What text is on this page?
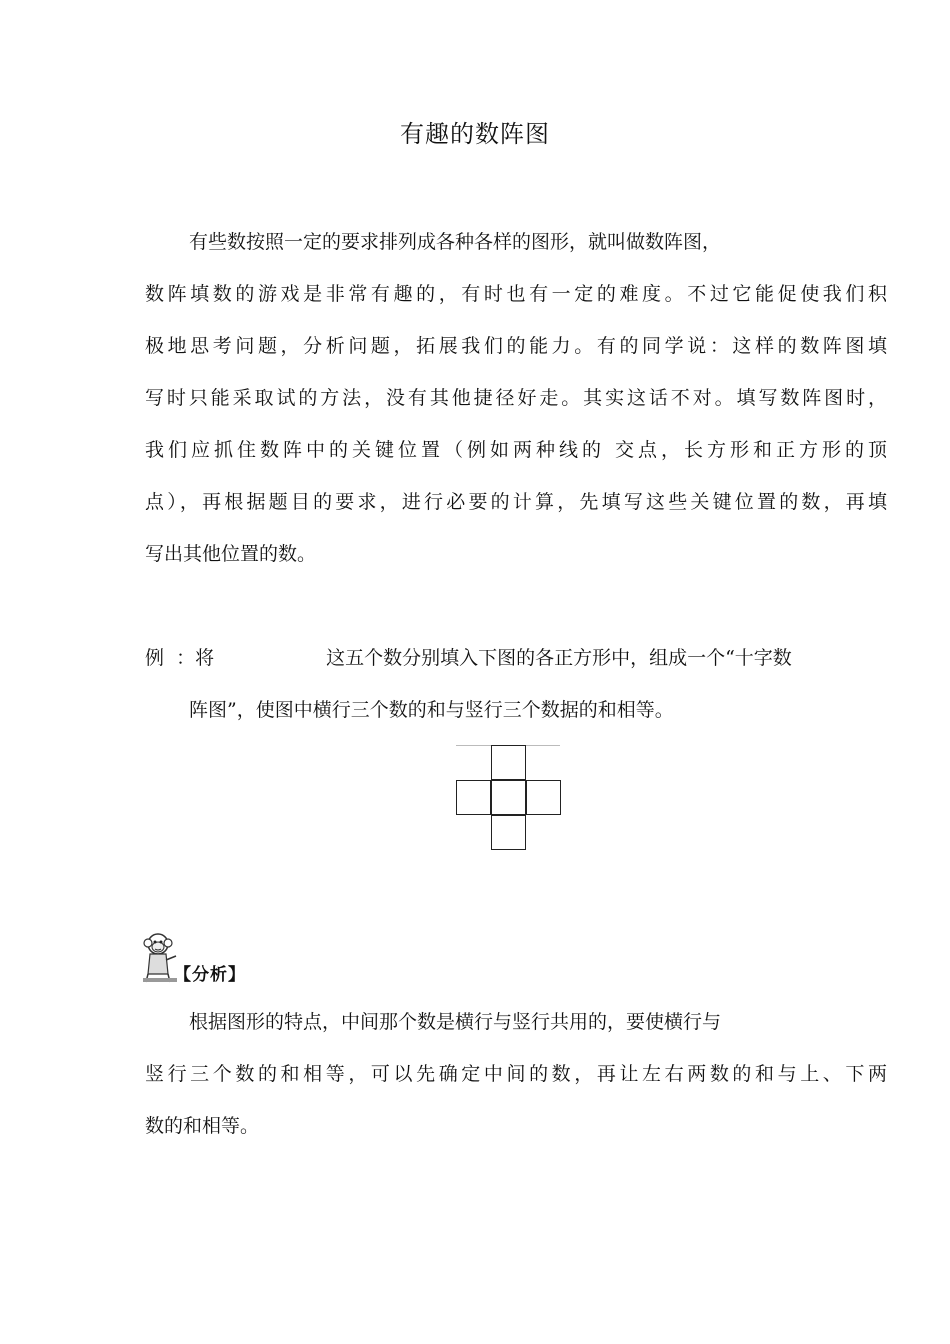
有趣的数阵图
有些数按照一定的要求排列成各种各样的图形，就叫做数阵图，
数阵填数的游戏是非常有趣的，有时也有一定的难度。不过它能促使我们积
极地思考问题，分析问题，拓展我们的能力。有的同学说：这样的数阵图填
写时只能采取试的方法，没有其他捷径好走。其实这话不对。填写数阵图时，
我们应抓住数阵中的关键位置（例如两种线的 交点，长方形和正方形的顶
点），再根据题目的要求，进行必要的计算，先填写这些关键位置的数，再填
写出其他位置的数。
例  ：将	这五个数分别填入下图的各正方形中，组成一个“十字数
阵图”，使图中横行三个数的和与竖行三个数据的和相等。
【分析】
根据图形的特点，中间那个数是横行与竖行共用的，要使横行与
竖行三个数的和相等，可以先确定中间的数，再让左右两数的和与上、下两
数的和相等。
